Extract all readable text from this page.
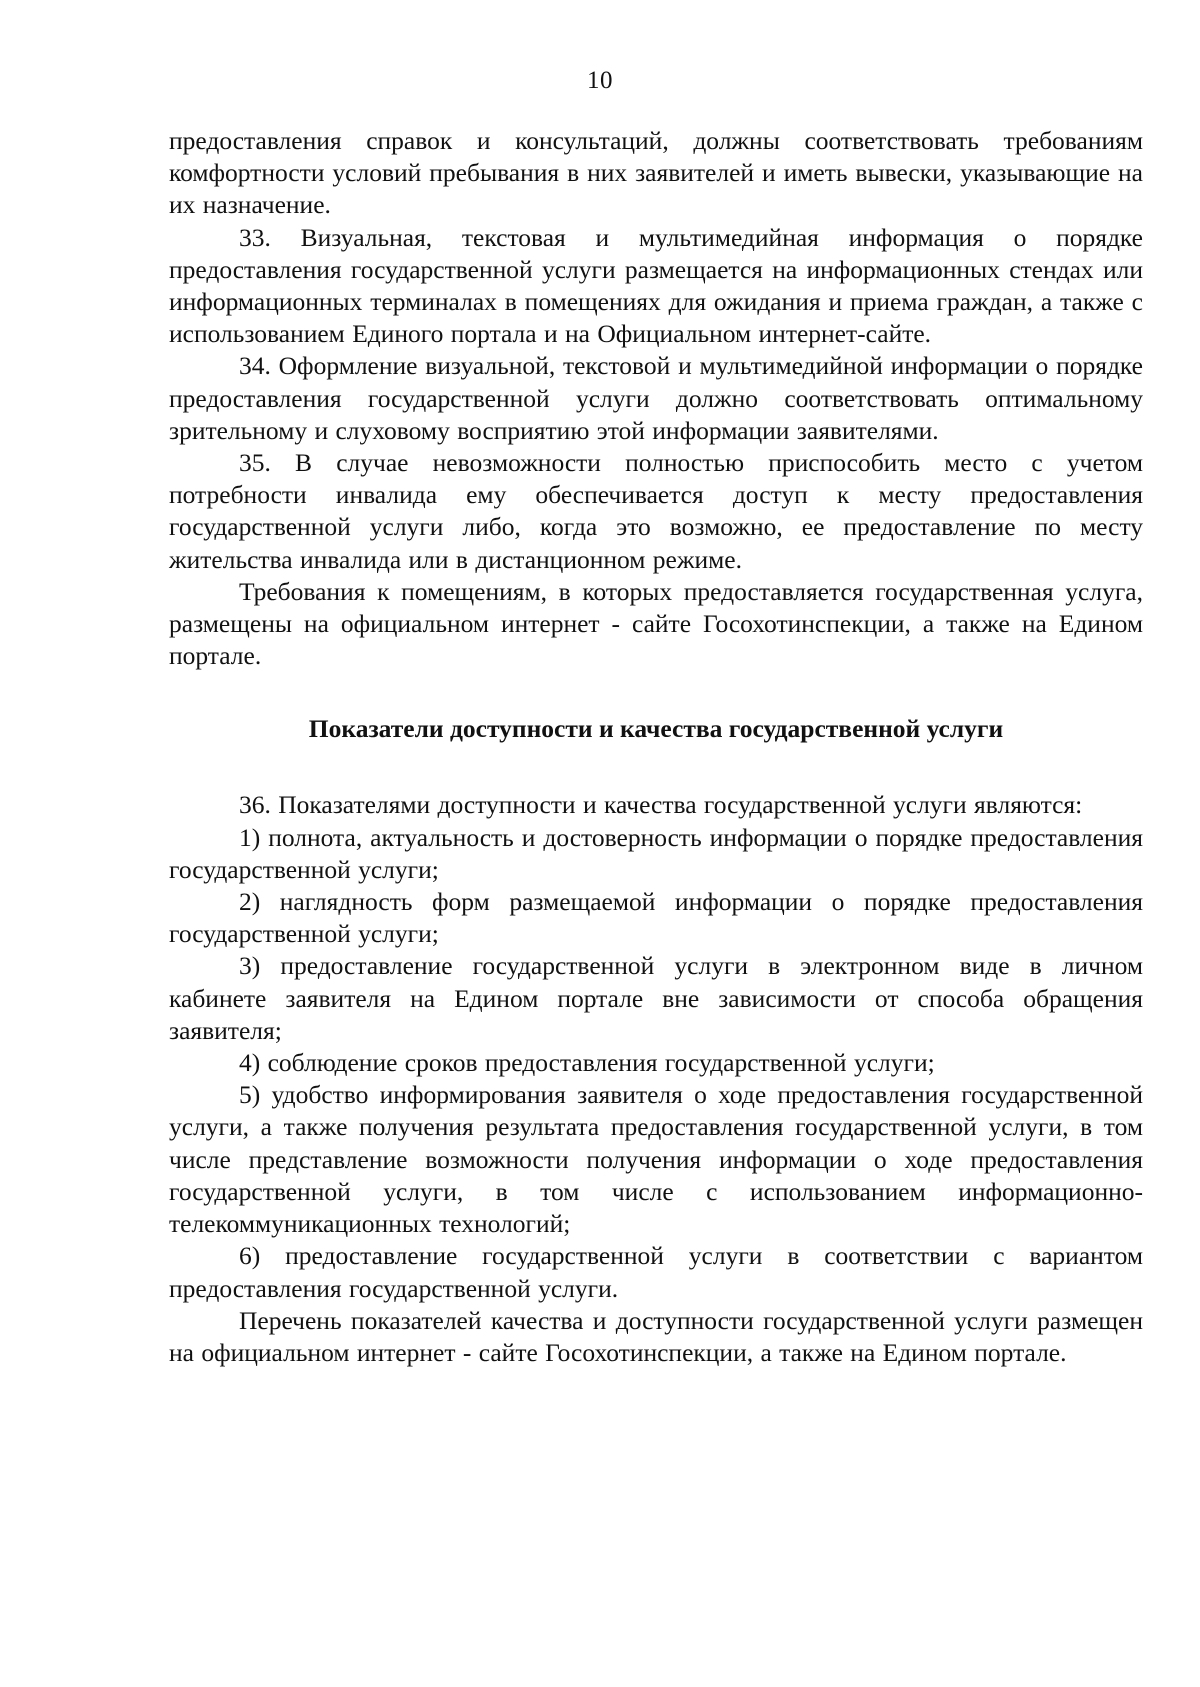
10

предоставления справок и консультаций, должны соответствовать требованиям комфортности условий пребывания в них заявителей и иметь вывески, указывающие на их назначение.

33. Визуальная, текстовая и мультимедийная информация о порядке предоставления государственной услуги размещается на информационных стендах или информационных терминалах в помещениях для ожидания и приема граждан, а также с использованием Единого портала и на Официальном интернет-сайте.

34. Оформление визуальной, текстовой и мультимедийной информации о порядке предоставления государственной услуги должно соответствовать оптимальному зрительному и слуховому восприятию этой информации заявителями.

35. В случае невозможности полностью приспособить место с учетом потребности инвалида ему обеспечивается доступ к месту предоставления государственной услуги либо, когда это возможно, ее предоставление по месту жительства инвалида или в дистанционном режиме.

Требования к помещениям, в которых предоставляется государственная услуга, размещены на официальном интернет - сайте Госохотинспекции, а также на Едином портале.

Показатели доступности и качества государственной услуги

36. Показателями доступности и качества государственной услуги являются:

1) полнота, актуальность и достоверность информации о порядке предоставления государственной услуги;

2) наглядность форм размещаемой информации о порядке предоставления государственной услуги;

3) предоставление государственной услуги в электронном виде в личном кабинете заявителя на Едином портале вне зависимости от способа обращения заявителя;

4) соблюдение сроков предоставления государственной услуги;

5) удобство информирования заявителя о ходе предоставления государственной услуги, а также получения результата предоставления государственной услуги, в том числе представление возможности получения информации о ходе предоставления государственной услуги, в том числе с использованием информационно-телекоммуникационных технологий;

6) предоставление государственной услуги в соответствии с вариантом предоставления государственной услуги.

Перечень показателей качества и доступности государственной услуги размещен на официальном интернет - сайте Госохотинспекции, а также на Едином портале.
